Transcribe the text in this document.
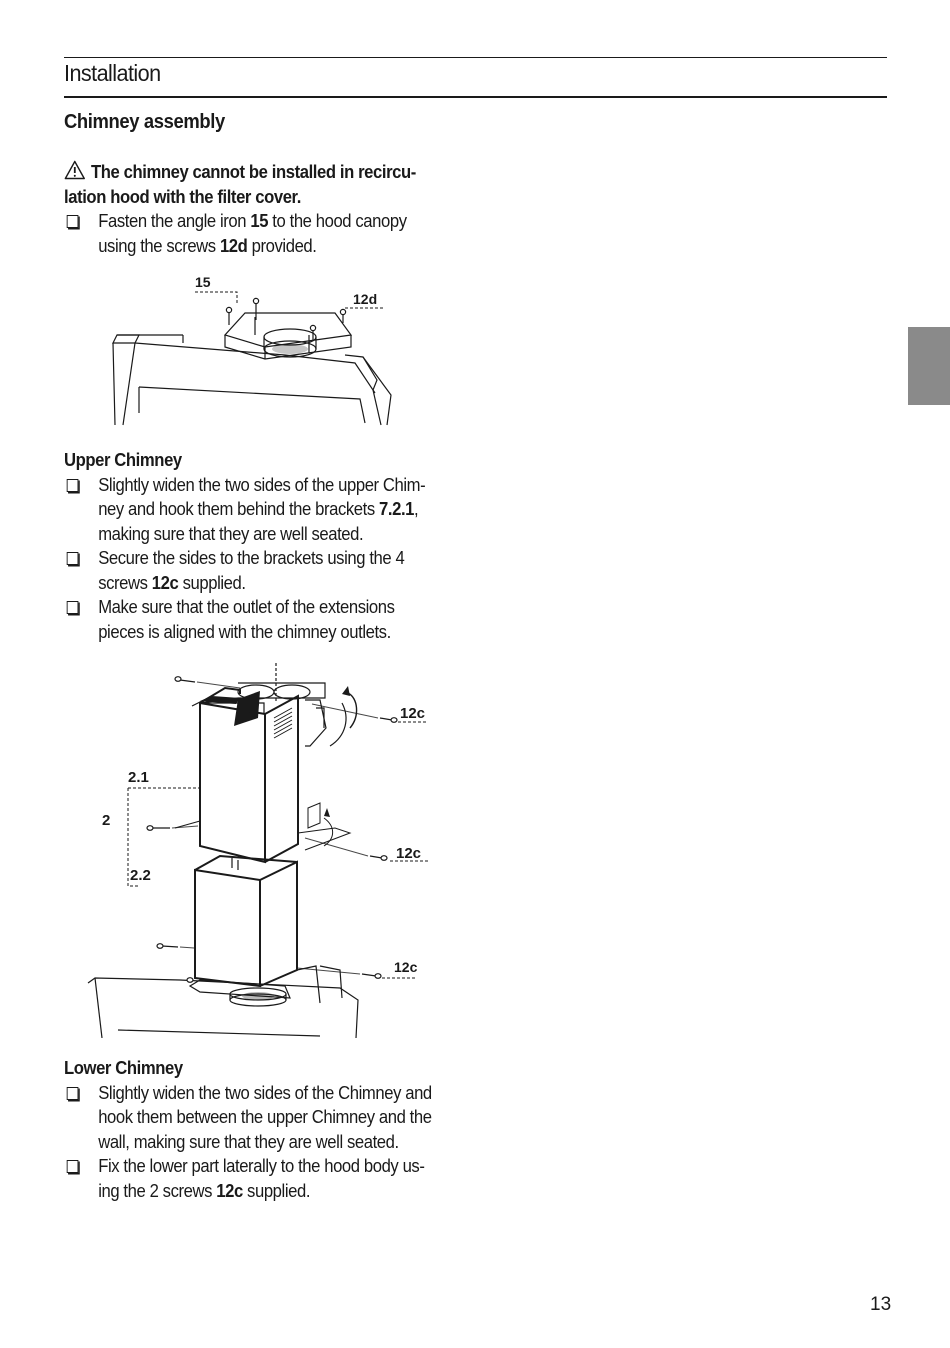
Installation
Chimney assembly
The chimney cannot be installed in recircu-lation hood with the filter cover.
Fasten the angle iron 15 to the hood canopy using the screws 12d provided.
15
12d
Upper Chimney
Slightly widen the two sides of the upper Chim-ney and hook them behind the brackets 7.2.1, making sure that they are well seated.
Secure the sides to the brackets using the 4 screws 12c supplied.
Make sure that the outlet of the extensions pieces is aligned with the chimney outlets.
12c
2.1
2
12c
2.2
12c
Lower Chimney
Slightly widen the two sides of the Chimney and hook them between the upper Chimney and the wall, making sure that they are well seated.
Fix the lower part laterally to the hood body us-ing the 2 screws 12c supplied.
13
